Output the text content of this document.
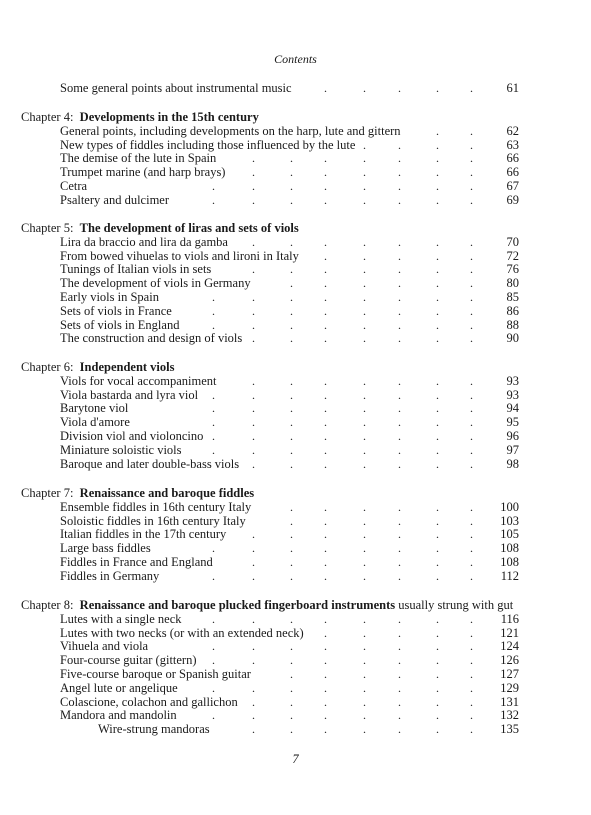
Contents
Some general points about instrumental music	.	.	.	.	.	61
Chapter 4: Developments in the 15th century
General points, including developments on the harp, lute and gittern	.	.	62
New types of fiddles including those influenced by the lute .	.	.	.	63
The demise of the lute in Spain	.	.	.	.	.	.	.	66
Trumpet marine (and harp brays) .	.	.	.	.	.	.	66
Cetra	.	.	.	.	.	.	.	.	67
Psaltery and dulcimer	.	.	.	.	.	.	.	.	69
Chapter 5: The development of liras and sets of viols
Lira da braccio and lira da gamba .	.	.	.	.	.	.	70
From bowed vihuelas to viols and lironi in Italy .	.	.	.	.	72
Tunings of Italian viols in sets	.	.	.	.	.	.	.	76
The development of viols in Germany	.	.	.	.	.	.	80
Early viols in Spain	.	.	.	.	.	.	.	.	85
Sets of viols in France	.	.	.	.	.	.	.	.	86
Sets of viols in England	.	.	.	.	.	.	.	.	88
The construction and design of viols .	.	.	.	.	.	.	90
Chapter 6: Independent viols
Viols for vocal accompaniment	.	.	.	.	.	.	.	93
Viola bastarda and lyra viol .	.	.	.	.	.	.	.	93
Barytone viol	.	.	.	.	.	.	.	.	94
Viola d'amore	.	.	.	.	.	.	.	.	95
Division viol and violoncino .	.	.	.	.	.	.	.	96
Miniature soloistic viols	.	.	.	.	.	.	.	.	97
Baroque and later double-bass viols .	.	.	.	.	.	.	98
Chapter 7: Renaissance and baroque fiddles
Ensemble fiddles in 16th century Italy	.	.	.	.	.	.	100
Soloistic fiddles in 16th century Italy	.	.	.	.	.	.	103
Italian fiddles in the 17th century .	.	.	.	.	.	.	105
Large bass fiddles	.	.	.	.	.	.	.	.	108
Fiddles in France and England	.	.	.	.	.	.	.	108
Fiddles in Germany	.	.	.	.	.	.	.	.	112
Chapter 8: Renaissance and baroque plucked fingerboard instruments usually strung with gut
Lutes with a single neck	.	.	.	.	.	.	.	.	116
Lutes with two necks (or with an extended neck) .	.	.	.	.	121
Vihuela and viola	.	.	.	.	.	.	.	.	124
Four-course guitar (gittern) .	.	.	.	.	.	.	.	126
Five-course baroque or Spanish guitar	.	.	.	.	.	.	127
Angel lute or angelique	.	.	.	.	.	.	.	.	129
Colascione, colachon and gallichon .	.	.	.	.	.	.	131
Mandora and mandolin	.	.	.	.	.	.	.	.	132
Wire-strung mandoras	.	.	.	.	.	.	.	135
7
